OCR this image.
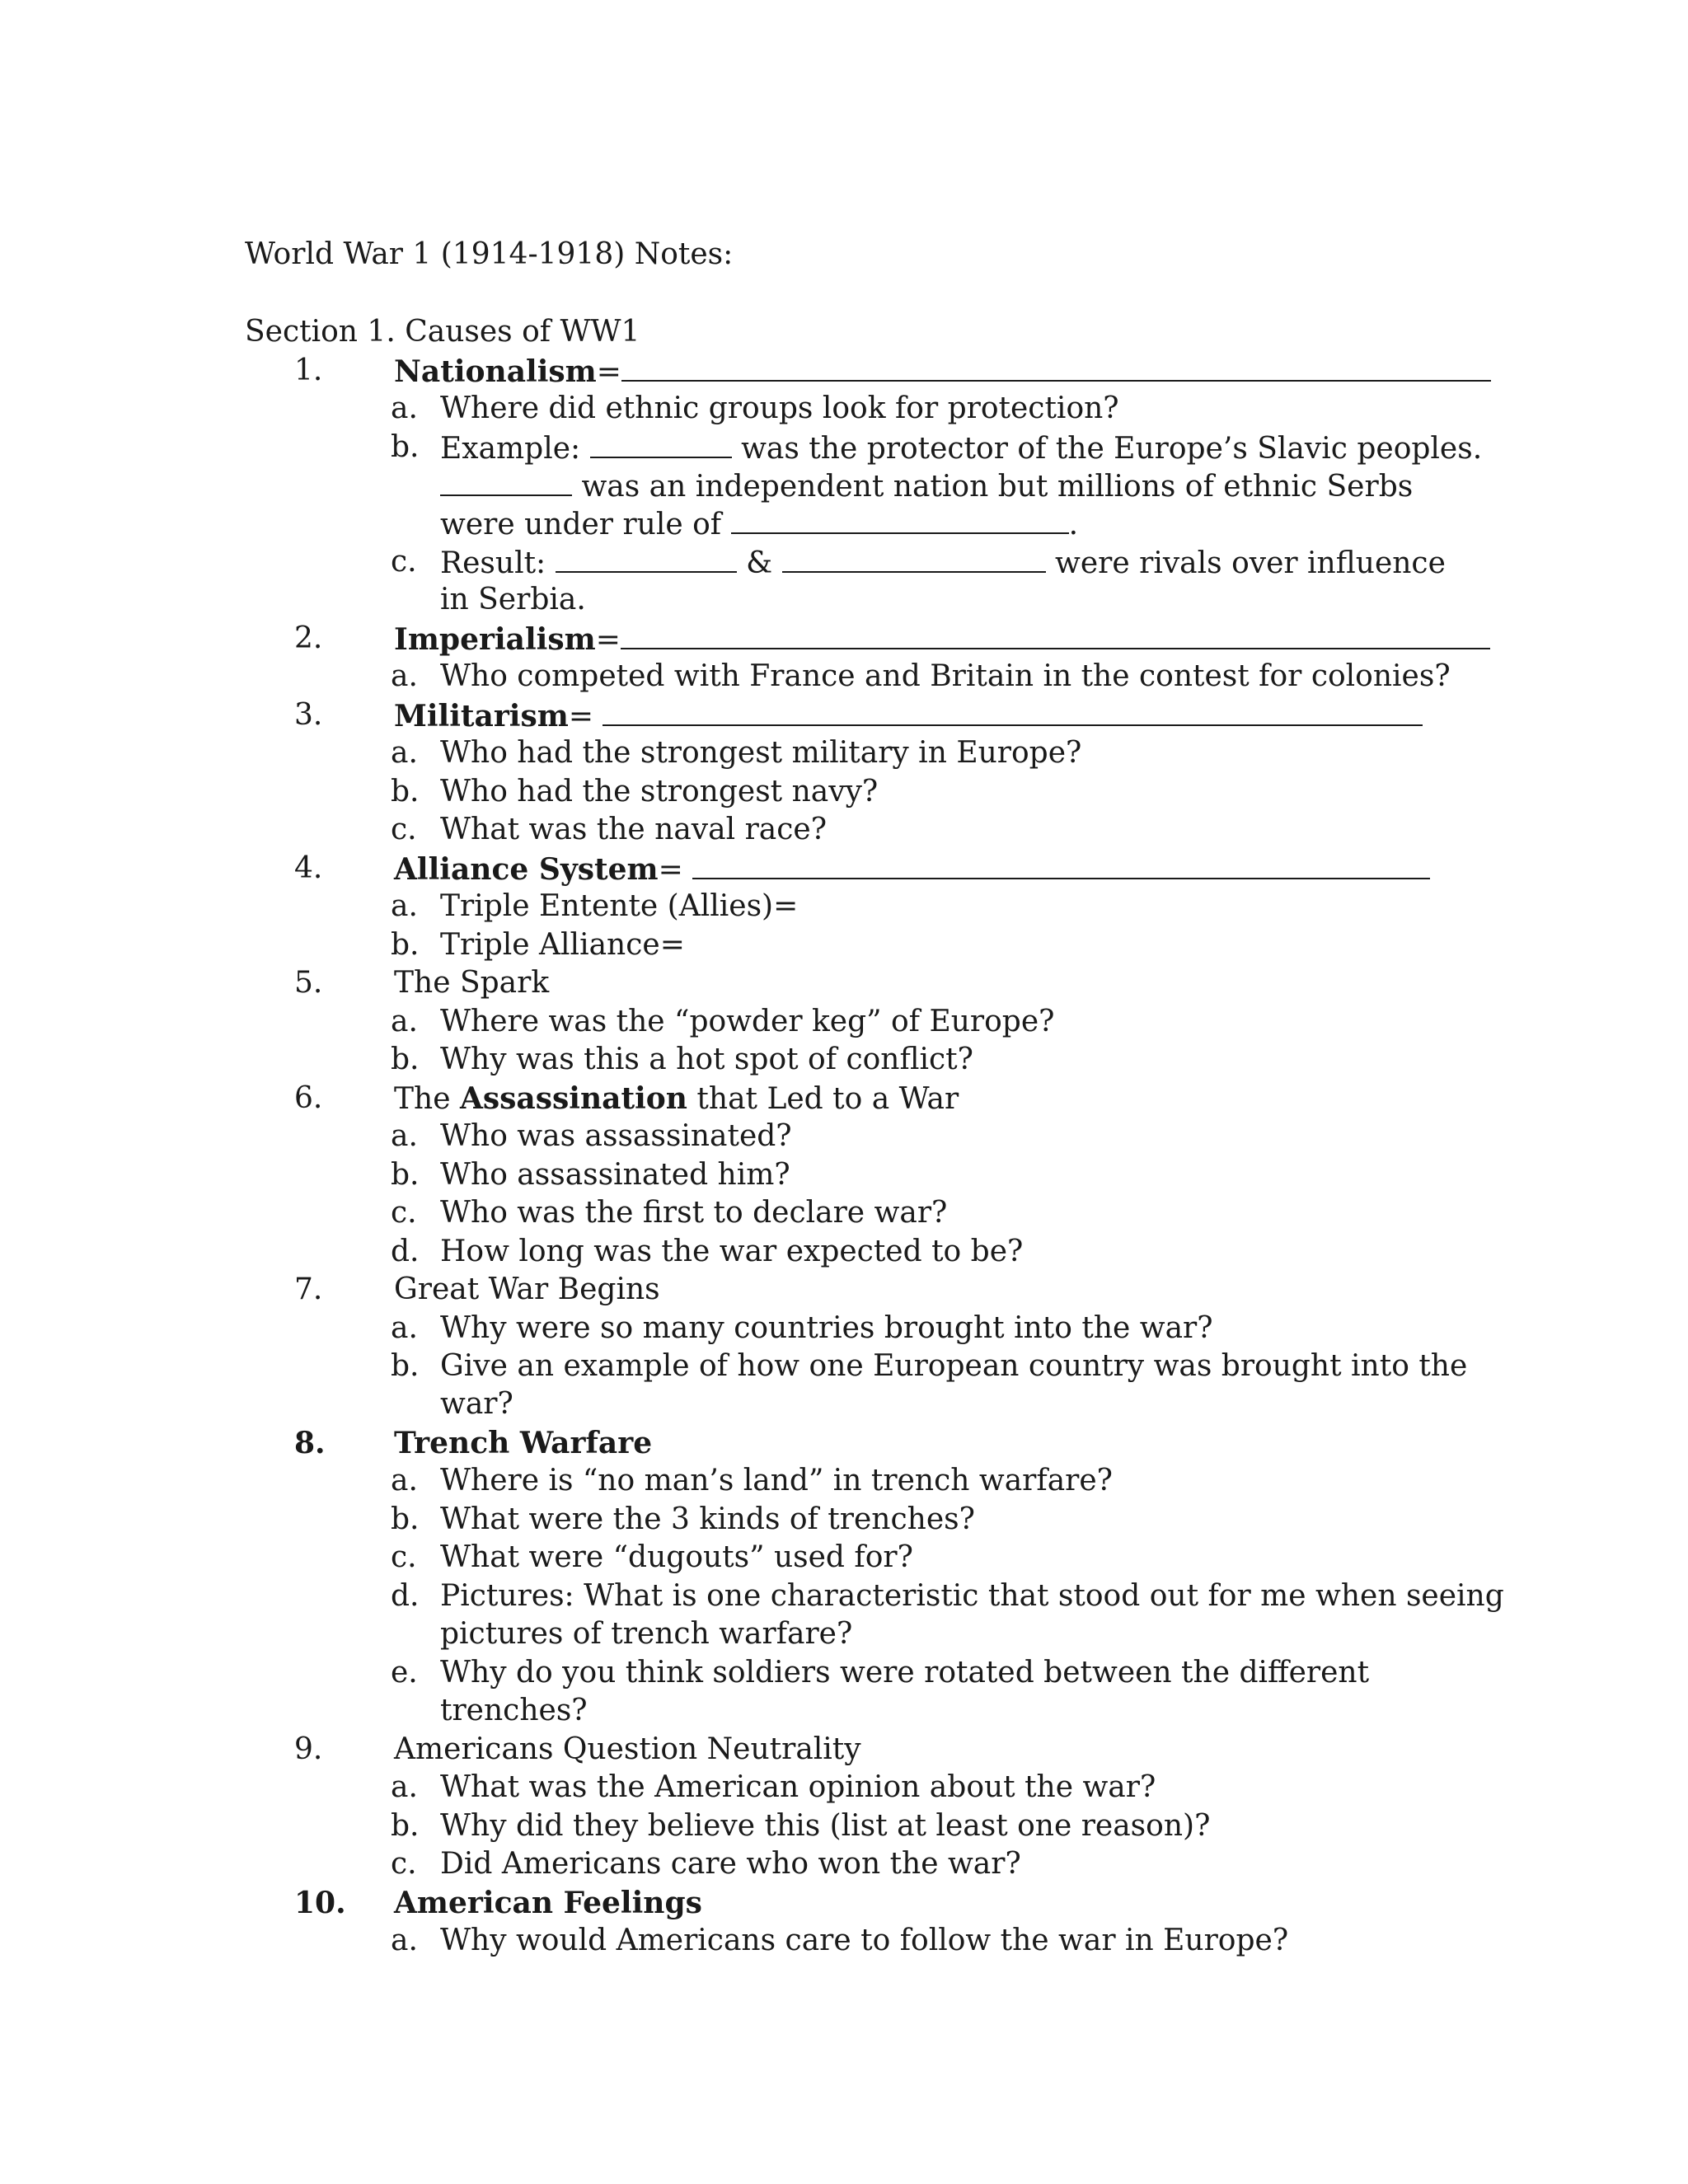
World War 1 (1914-1918) Notes:
Section 1. Causes of WW1
1. Nationalism=
a. Where did ethnic groups look for protection?
b. Example:	was the protector of the Europe’s Slavic peoples.
was an independent nation but millions of ethnic Serbs
were under rule of	.
c. Result:	&	were rivals over influence
in Serbia.
2. Imperialism=
a. Who competed with France and Britain in the contest for colonies?
3. Militarism=
a. Who had the strongest military in Europe?
b. Who had the strongest navy?
c. What was the naval race?
4. Alliance System=
a. Triple Entente (Allies)=
b. Triple Alliance=
5. The Spark
a. Where was the “powder keg” of Europe?
b. Why was this a hot spot of conflict?
6. The Assassination that Led to a War
a. Who was assassinated?
b. Who assassinated him?
c. Who was the first to declare war?
d. How long was the war expected to be?
7. Great War Begins
a. Why were so many countries brought into the war?
b. Give an example of how one European country was brought into the
war?
8. Trench Warfare
a. Where is “no man’s land” in trench warfare?
b. What were the 3 kinds of trenches?
c. What were “dugouts” used for?
d. Pictures: What is one characteristic that stood out for me when seeing
pictures of trench warfare?
e. Why do you think soldiers were rotated between the different
trenches?
9. Americans Question Neutrality
a. What was the American opinion about the war?
b. Why did they believe this (list at least one reason)?
c. Did Americans care who won the war?
10. American Feelings
a. Why would Americans care to follow the war in Europe?
